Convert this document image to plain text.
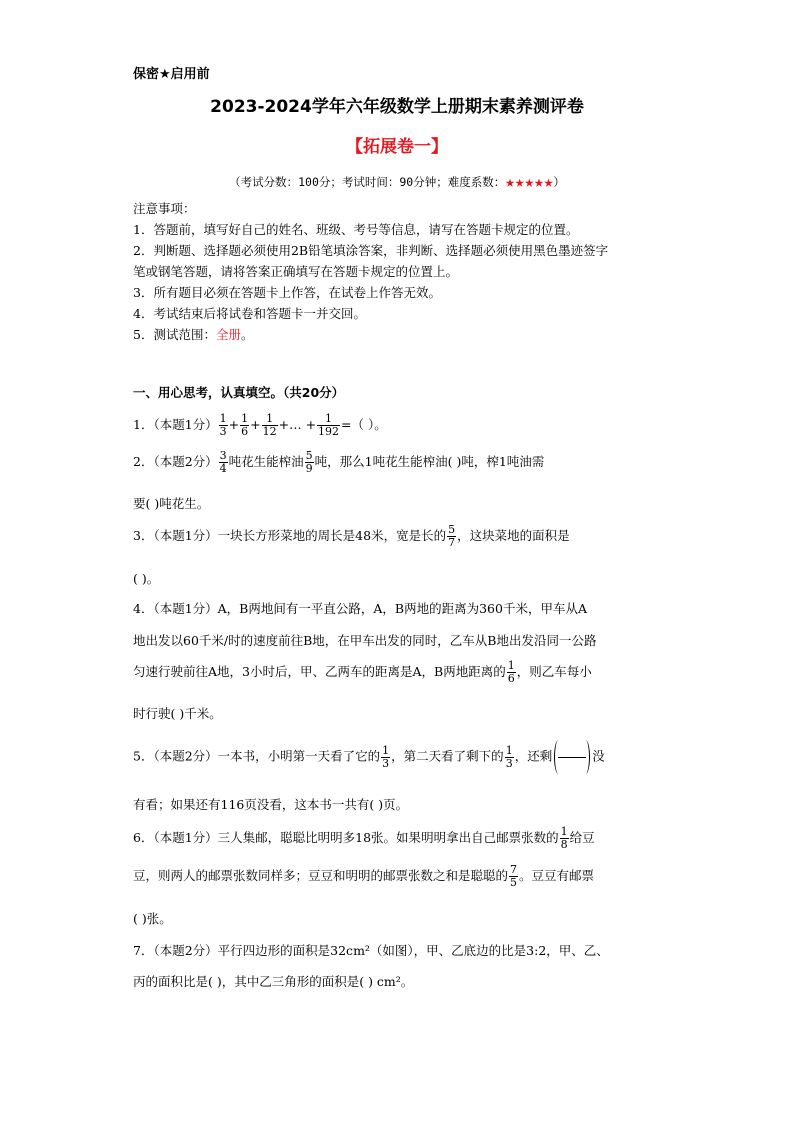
保密★启用前
2023-2024学年六年级数学上册期末素养测评卷
【拓展卷一】
（考试分数：100分；考试时间：90分钟；难度系数：★★★★★）
注意事项：
1．答题前，填写好自己的姓名、班级、考号等信息，请写在答题卡规定的位置。
2．判断题、选择题必须使用2B铅笔填涂答案，非判断、选择题必须使用黑色墨迹签字
笔或钢笔答题，请将答案正确填写在答题卡规定的位置上。
3．所有题目必须在答题卡上作答，在试卷上作答无效。
4．考试结束后将试卷和答题卡一并交回。
5．测试范围：全册。
一、用心思考，认真填空。（共20分）
1．（本题1分） $\frac{1}{3} + \frac{1}{6} + \frac{1}{12}$ +… + $\frac{1}{192}$ =（ ）。
2．（本题2分） $\frac{3}{4}$ 吨花生能榨油 $\frac{5}{9}$ 吨，那么1吨花生能榨油( )吨，榨1吨油需
要( )吨花生。
3．（本题1分）一块长方形菜地的周长是48米，宽是长的 $\frac{5}{7}$ ，这块菜地的面积是
( )。
4．（本题1分）A，B两地间有一平直公路，A，B两地的距离为360千米，甲车从A
地出发以60千米/时的速度前往B地，在甲车出发的同时，乙车从B地出发沿同一公路
匀速行驶前往A地，3小时后，甲、乙两车的距离是A，B两地距离的 $\frac{1}{6}$ ，则乙车每小
时行驶( )千米。
5．（本题2分）一本书，小明第一天看了它的 $\frac{1}{3}$ ，第二天看了剩下的 $\frac{1}{3}$ ，还剩	没
有看；如果还有116页没看，这本书一共有( )页。
6．（本题1分）三人集邮，聪聪比明明多18张。如果明明拿出自己邮票张数的 $\frac{1}{8}$ 给豆
豆，则两人的邮票张数同样多；豆豆和明明的邮票张数之和是聪聪的 $\frac{7}{5}$ 。豆豆有邮票
( )张。
7．（本题2分）平行四边形的面积是32cm²（如图），甲、乙底边的比是3:2，甲、乙、
丙的面积比是( )，其中乙三角形的面积是( ) cm²。
